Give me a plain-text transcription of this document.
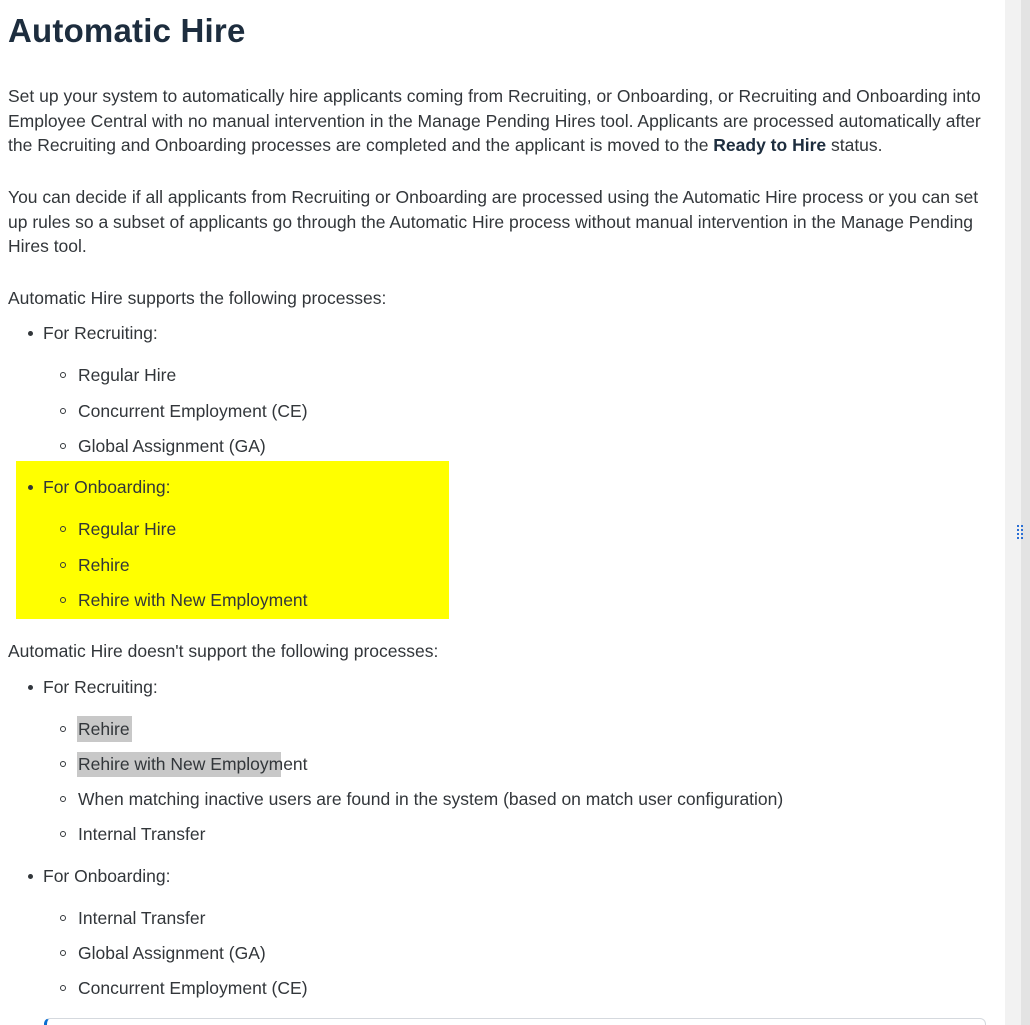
Automatic Hire

Set up your system to automatically hire applicants coming from Recruiting, or Onboarding, or Recruiting and Onboarding into Employee Central with no manual intervention in the Manage Pending Hires tool. Applicants are processed automatically after the Recruiting and Onboarding processes are completed and the applicant is moved to the Ready to Hire status.

You can decide if all applicants from Recruiting or Onboarding are processed using the Automatic Hire process or you can set up rules so a subset of applicants go through the Automatic Hire process without manual intervention in the Manage Pending Hires tool.

Automatic Hire supports the following processes:
For Recruiting:
Regular Hire
Concurrent Employment (CE)
Global Assignment (GA)
For Onboarding:
Regular Hire
Rehire
Rehire with New Employment
Automatic Hire doesn't support the following processes:
For Recruiting:
Rehire
Rehire with New Employment
When matching inactive users are found in the system (based on match user configuration)
Internal Transfer
For Onboarding:
Internal Transfer
Global Assignment (GA)
Concurrent Employment (CE)
